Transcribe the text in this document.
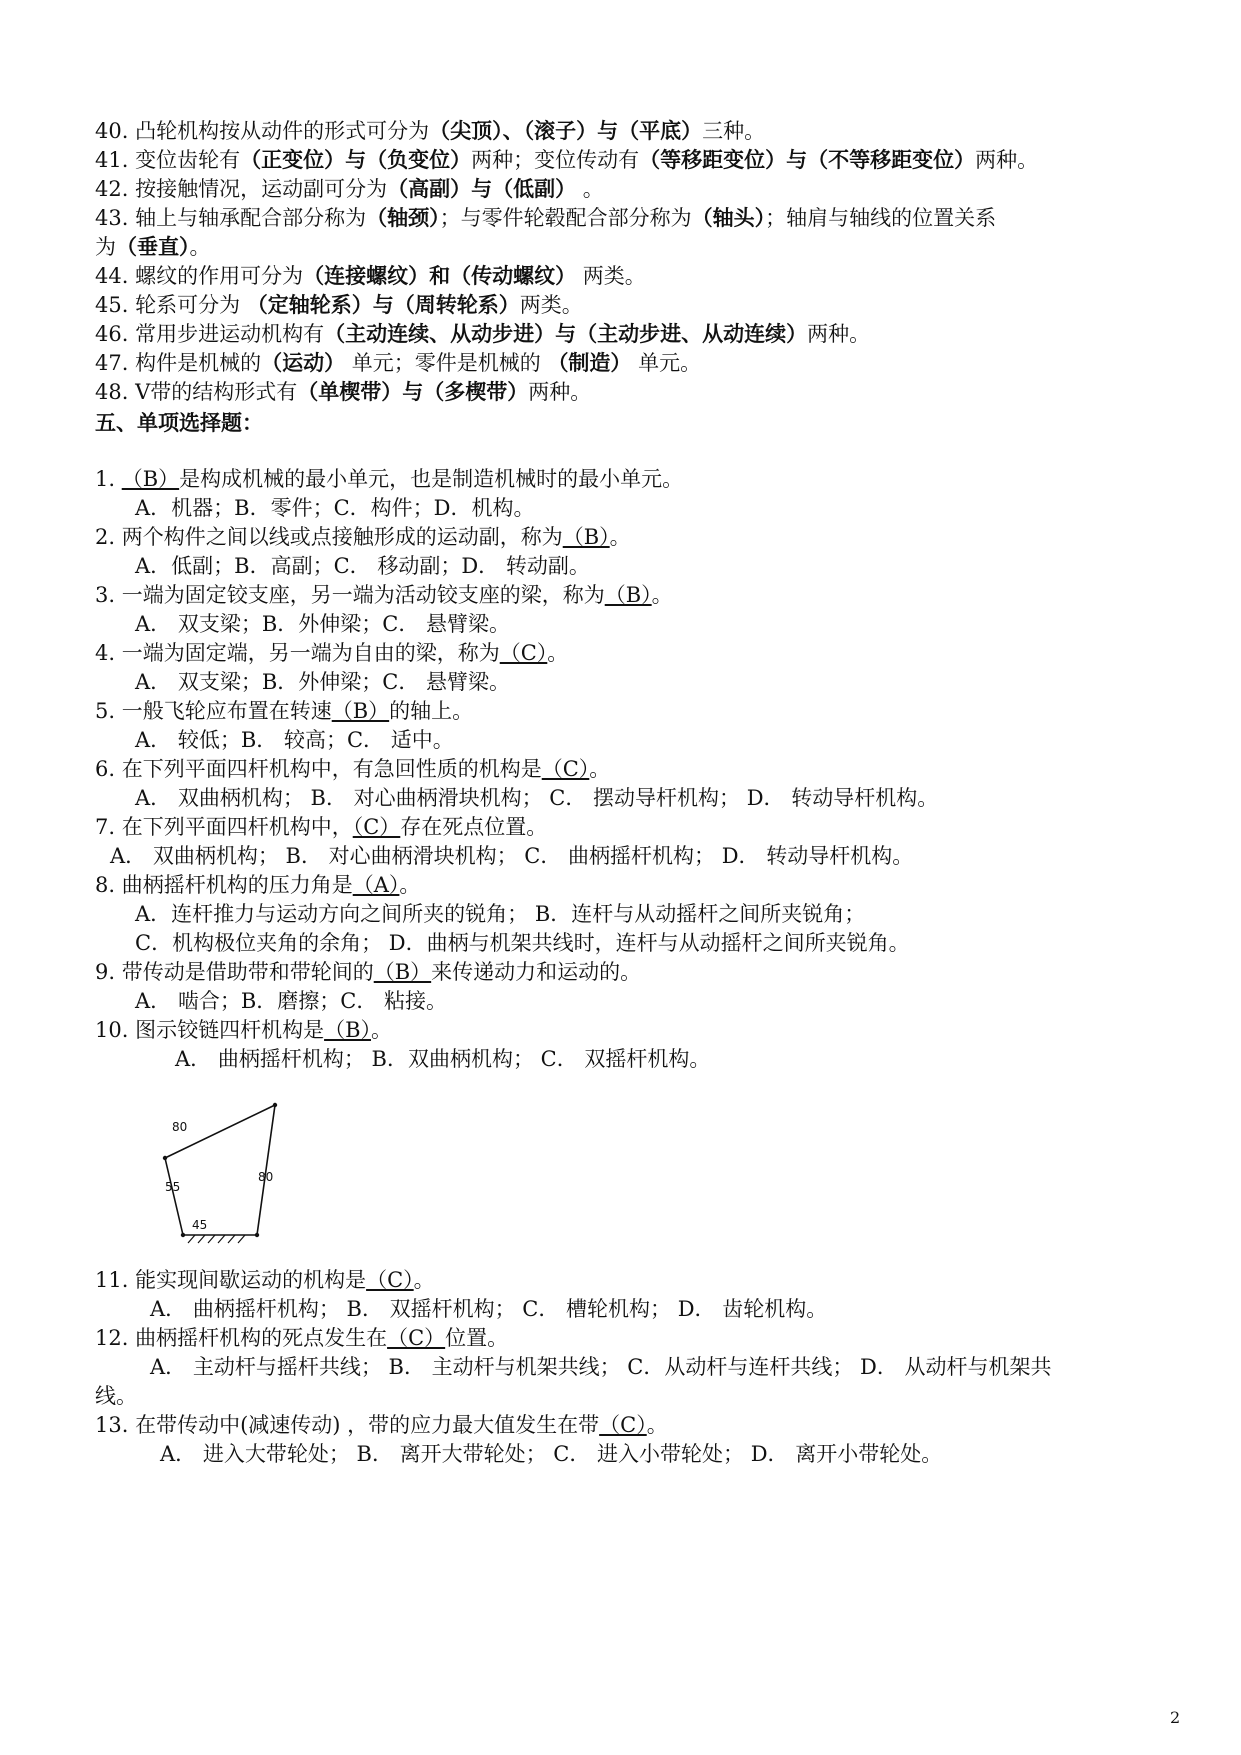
40. 凸轮机构按从动件的形式可分为（尖顶）、（滚子）与（平底）三种。
41. 变位齿轮有（正变位）与（负变位）两种；变位传动有（等移距变位）与（不等移距变位）两种。
42. 按接触情况，运动副可分为（高副）与（低副） 。
43. 轴上与轴承配合部分称为（轴颈）；与零件轮毂配合部分称为（轴头）；轴肩与轴线的位置关系
为（垂直）。
44. 螺纹的作用可分为（连接螺纹）和（传动螺纹） 两类。
45. 轮系可分为 （定轴轮系）与（周转轮系）两类。
46. 常用步进运动机构有（主动连续、从动步进）与（主动步进、从动连续）两种。
47. 构件是机械的（运动） 单元；零件是机械的 （制造） 单元。
48. V带的结构形式有（单楔带）与（多楔带）两种。
五、单项选择题：
1. （B）是构成机械的最小单元，也是制造机械时的最小单元。
A．机器；B．零件；C．构件；D．机构。
2. 两个构件之间以线或点接触形成的运动副，称为（B）。
A．低副；B．高副；C． 移动副；D． 转动副。
3. 一端为固定铰支座，另一端为活动铰支座的梁，称为（B）。
A． 双支梁；B．外伸梁；C． 悬臂梁。
4. 一端为固定端，另一端为自由的梁，称为（C）。
A． 双支梁；B．外伸梁；C． 悬臂梁。
5. 一般飞轮应布置在转速（B）的轴上。
A． 较低；B． 较高；C． 适中。
6. 在下列平面四杆机构中，有急回性质的机构是（C）。
A． 双曲柄机构； B． 对心曲柄滑块机构； C． 摆动导杆机构； D． 转动导杆机构。
7. 在下列平面四杆机构中，（C）存在死点位置。
A． 双曲柄机构； B． 对心曲柄滑块机构； C． 曲柄摇杆机构； D． 转动导杆机构。
8. 曲柄摇杆机构的压力角是（A）。
A．连杆推力与运动方向之间所夹的锐角； B．连杆与从动摇杆之间所夹锐角；
C．机构极位夹角的余角； D．曲柄与机架共线时，连杆与从动摇杆之间所夹锐角。
9. 带传动是借助带和带轮间的（B）来传递动力和运动的。
A． 啮合；B．磨擦；C． 粘接。
10. 图示铰链四杆机构是（B）。
A． 曲柄摇杆机构； B．双曲柄机构； C． 双摇杆机构。
80
80
55
45
11. 能实现间歇运动的机构是（C）。
A． 曲柄摇杆机构； B． 双摇杆机构； C． 槽轮机构； D． 齿轮机构。
12. 曲柄摇杆机构的死点发生在（C）位置。
A． 主动杆与摇杆共线； B． 主动杆与机架共线； C．从动杆与连杆共线； D． 从动杆与机架共
线。
13. 在带传动中(减速传动) ，带的应力最大值发生在带（C）。
A． 进入大带轮处； B． 离开大带轮处； C． 进入小带轮处； D． 离开小带轮处。
2
